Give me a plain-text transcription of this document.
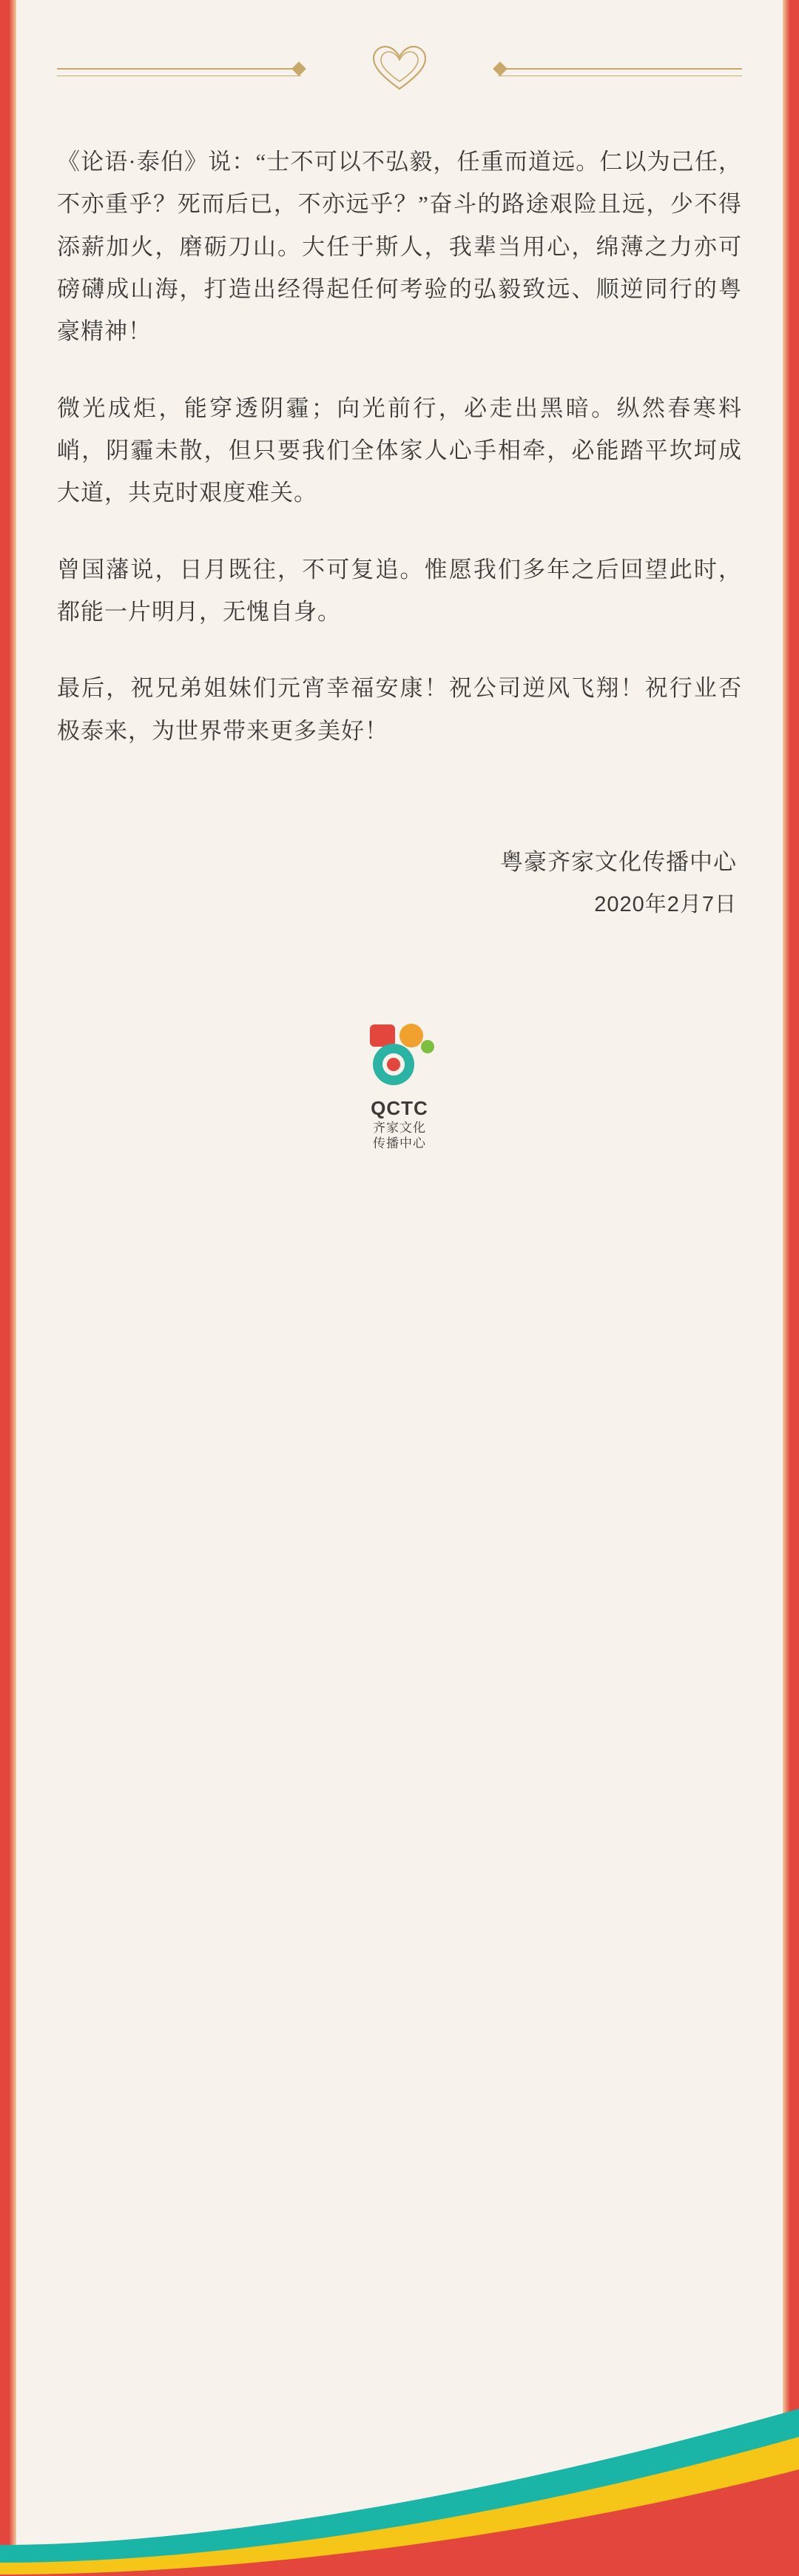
《论语·泰伯》说：“士不可以不弘毅，任重而道远。仁以为己任，不亦重乎？死而后已，不亦远乎？”奋斗的路途艰险且远，少不得添薪加火，磨砺刀山。大任于斯人，我辈当用心，绵薄之力亦可磅礴成山海，打造出经得起任何考验的弘毅致远、顺逆同行的粤豪精神！

微光成炬，能穿透阴霾；向光前行，必走出黑暗。纵然春寒料峭，阴霾未散，但只要我们全体家人心手相牵，必能踏平坎坷成大道，共克时艰度难关。

曾国藩说，日月既往，不可复追。惟愿我们多年之后回望此时，都能一片明月，无愧自身。

最后，祝兄弟姐妹们元宵幸福安康！祝公司逆风飞翔！祝行业否极泰来，为世界带来更多美好！

粤豪齐家文化传播中心
2020年2月7日
QCTC
齐家文化
传播中心
